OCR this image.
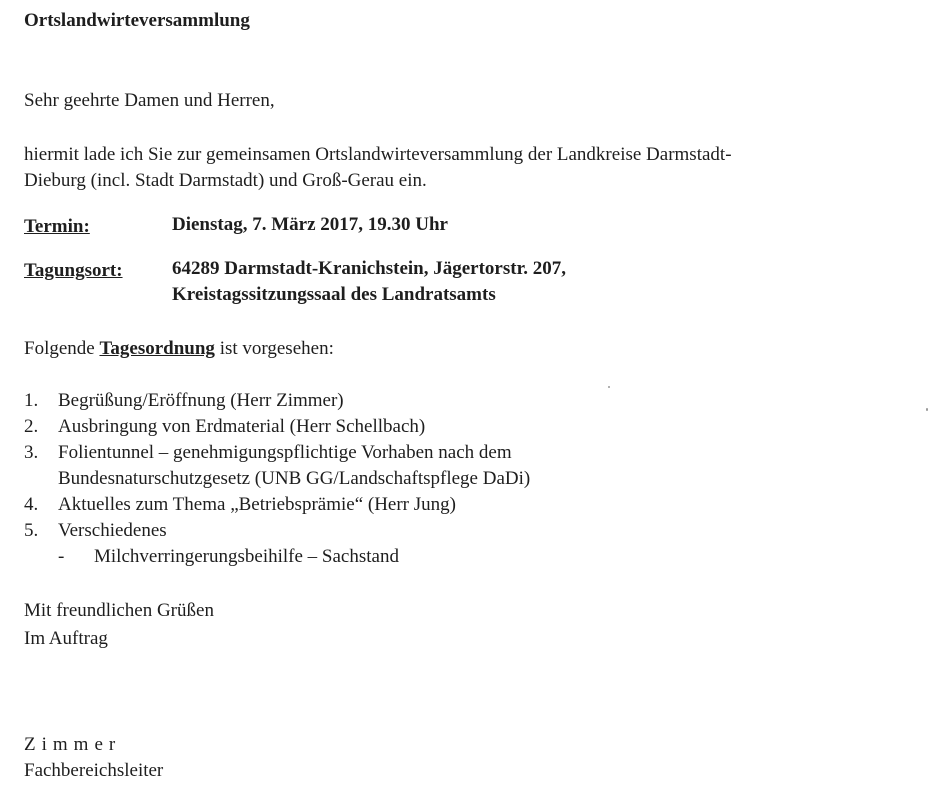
Ortslandwirteversammlung
Sehr geehrte Damen und Herren,
hiermit lade ich Sie zur gemeinsamen Ortslandwirteversammlung der Landkreise Darmstadt-
Dieburg (incl. Stadt Darmstadt) und Groß-Gerau ein.
Termin:	Dienstag, 7. März 2017, 19.30 Uhr
Tagungsort:	64289 Darmstadt-Kranichstein, Jägertorstr. 207,
Kreistagssitzungssaal des Landratsamts
Folgende Tagesordnung ist vorgesehen:
1.	Begrüßung/Eröffnung (Herr Zimmer)
2.	Ausbringung von Erdmaterial (Herr Schellbach)
3.	Folientunnel – genehmigungspflichtige Vorhaben nach dem
Bundesnaturschutzgesetz (UNB GG/Landschaftspflege DaDi)
4.	Aktuelles zum Thema „Betriebsprämie“ (Herr Jung)
5.	Verschiedenes
- Milchverringerungsbeihilfe – Sachstand
Mit freundlichen Grüßen
Im Auftrag
Zimmer
Fachbereichsleiter
